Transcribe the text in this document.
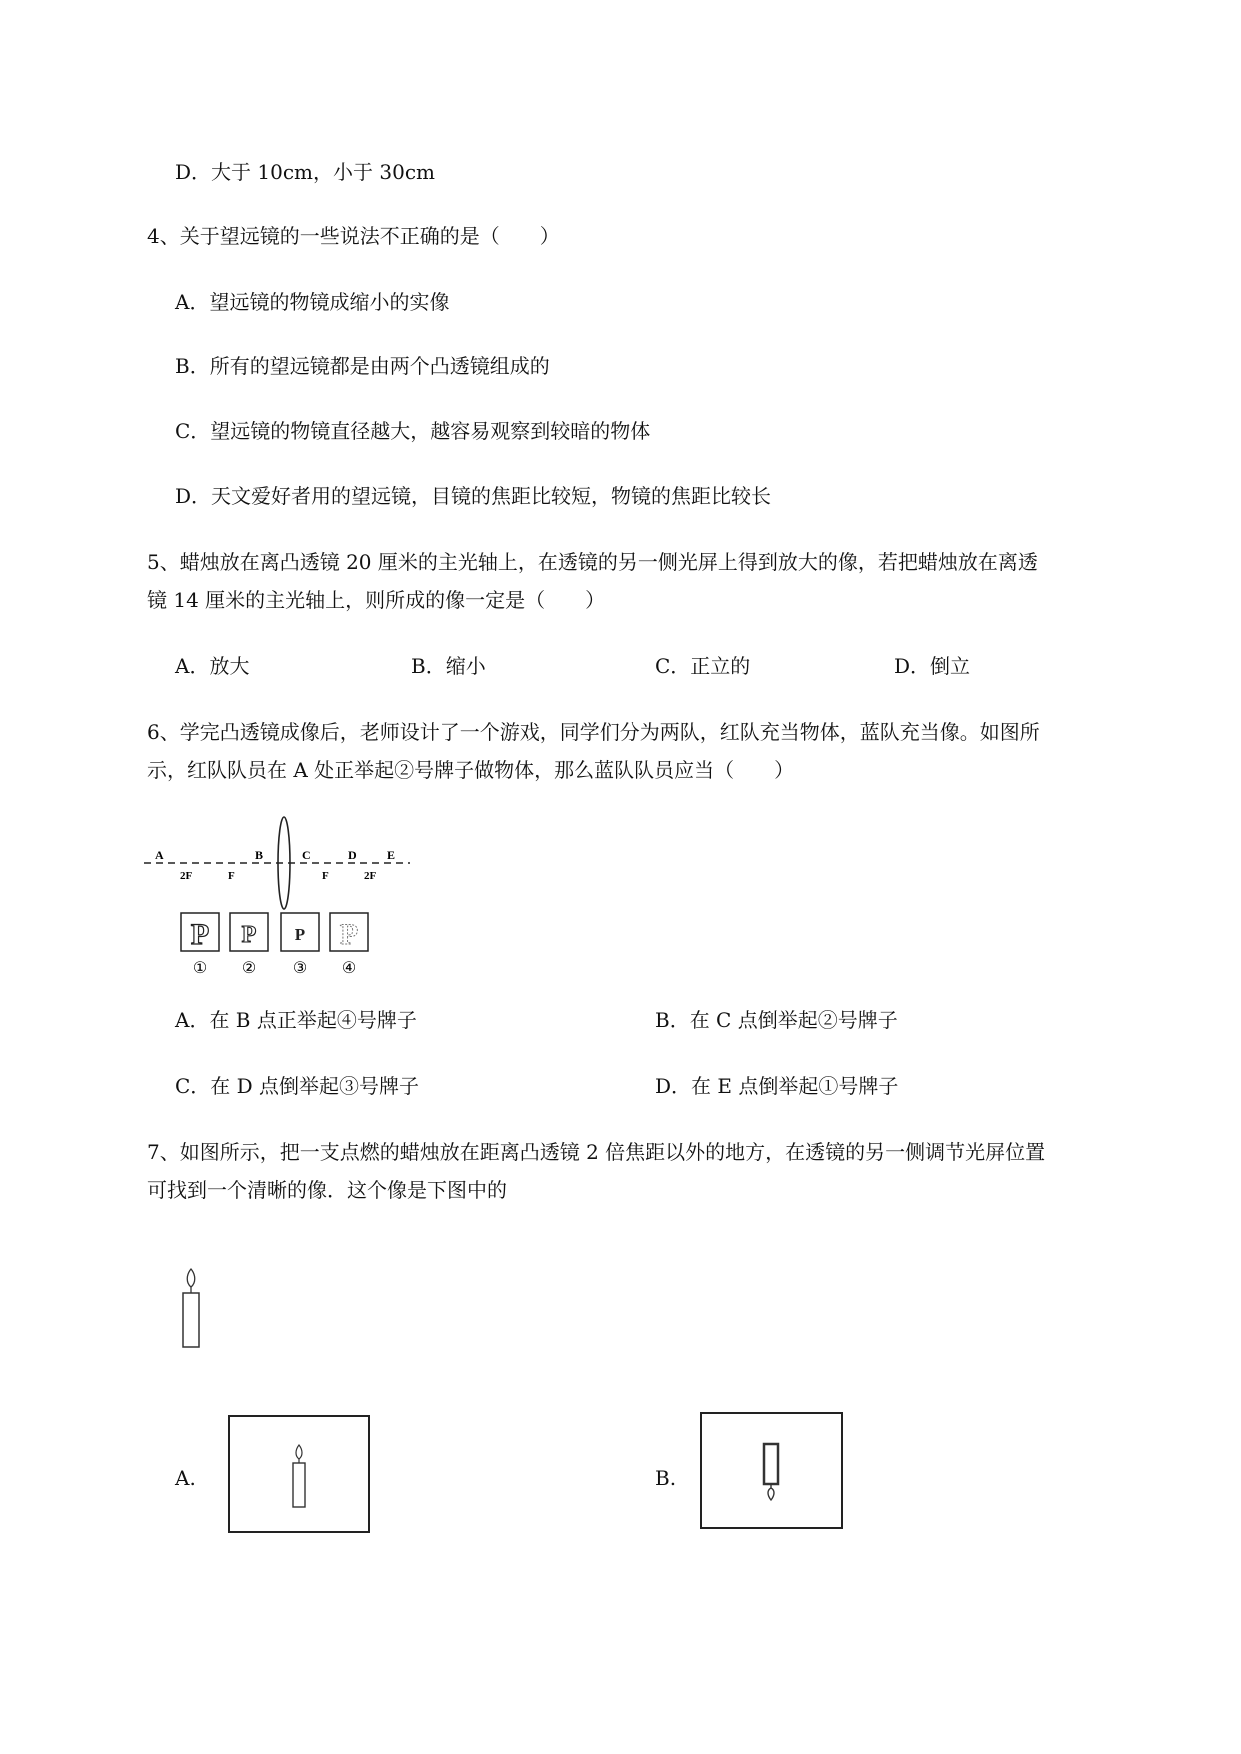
D．大于 10cm，小于 30cm
4、关于望远镜的一些说法不正确的是（　　）
A．望远镜的物镜成缩小的实像
B．所有的望远镜都是由两个凸透镜组成的
C．望远镜的物镜直径越大，越容易观察到较暗的物体
D．天文爱好者用的望远镜，目镜的焦距比较短，物镜的焦距比较长
5、蜡烛放在离凸透镜 20 厘米的主光轴上，在透镜的另一侧光屏上得到放大的像，若把蜡烛放在离透
镜 14 厘米的主光轴上，则所成的像一定是（　　）
A．放大	B．缩小	C．正立的	D．倒立
6、学完凸透镜成像后，老师设计了一个游戏，同学们分为两队，红队充当物体，蓝队充当像。如图所
示，红队队员在 A 处正举起②号牌子做物体，那么蓝队队员应当（　　）
A	B	C	D	E
2F	F	F	2F
P P P P
① ② ③ ④
A．在 B 点正举起④号牌子	B．在 C 点倒举起②号牌子
C．在 D 点倒举起③号牌子	D．在 E 点倒举起①号牌子
7、如图所示，把一支点燃的蜡烛放在距离凸透镜 2 倍焦距以外的地方，在透镜的另一侧调节光屏位置
可找到一个清晰的像．这个像是下图中的
A.	B.
